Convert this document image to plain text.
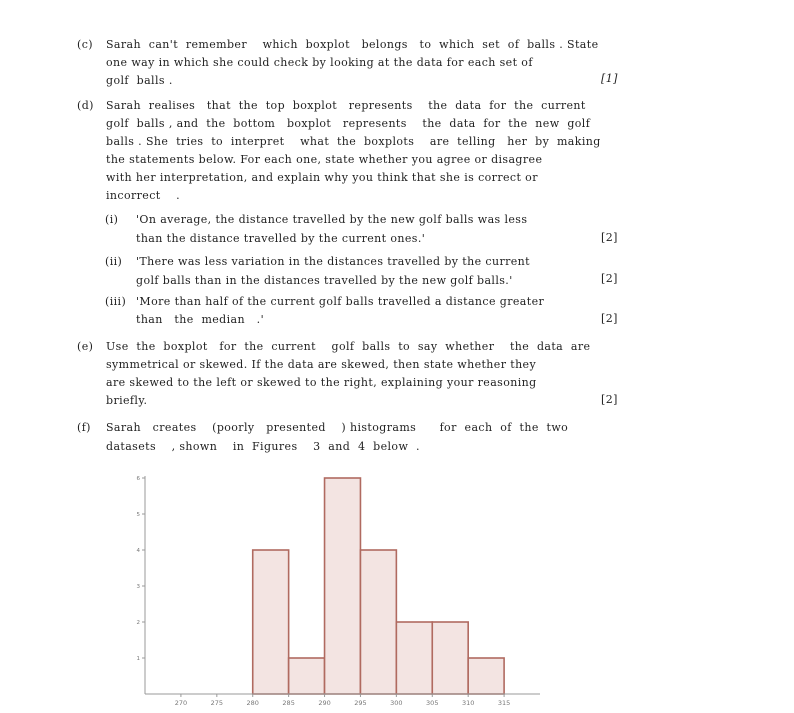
(c) Sarah  can't  remember    which  boxplot   belongs   to  which  set  of  balls . State
one way in which she could check by looking at the data for each set of
golf  balls .	[1]
(d) Sarah  realises   that  the  top  boxplot   represents    the  data  for  the  current
golf  balls , and  the  bottom   boxplot   represents    the  data  for  the  new  golf
balls . She  tries  to  interpret    what  the  boxplots    are  telling   her  by  making
the statements below. For each one, state whether you agree or disagree
with her interpretation, and explain why you think that she is correct or
incorrect    .
(i) 'On average, the distance travelled by the new golf balls was less
than the distance travelled by the current ones.'	[2]
(ii) 'There was less variation in the distances travelled by the current
golf balls than in the distances travelled by the new golf balls.'	[2]
(iii) 'More than half of the current golf balls travelled a distance greater
than   the  median   .'	[2]
(e) Use  the  boxplot   for  the  current    golf  balls  to  say  whether    the  data  are
symmetrical or skewed. If the data are skewed, then state whether they
are skewed to the left or skewed to the right, explaining your reasoning
briefly.	[2]
(f) Sarah   creates    (poorly   presented    ) histograms      for  each  of  the  two
datasets    , shown    in  Figures    3  and  4  below  .
270	275	280	285	290	295	300	305	310	315
1
2
3
4
5
6
